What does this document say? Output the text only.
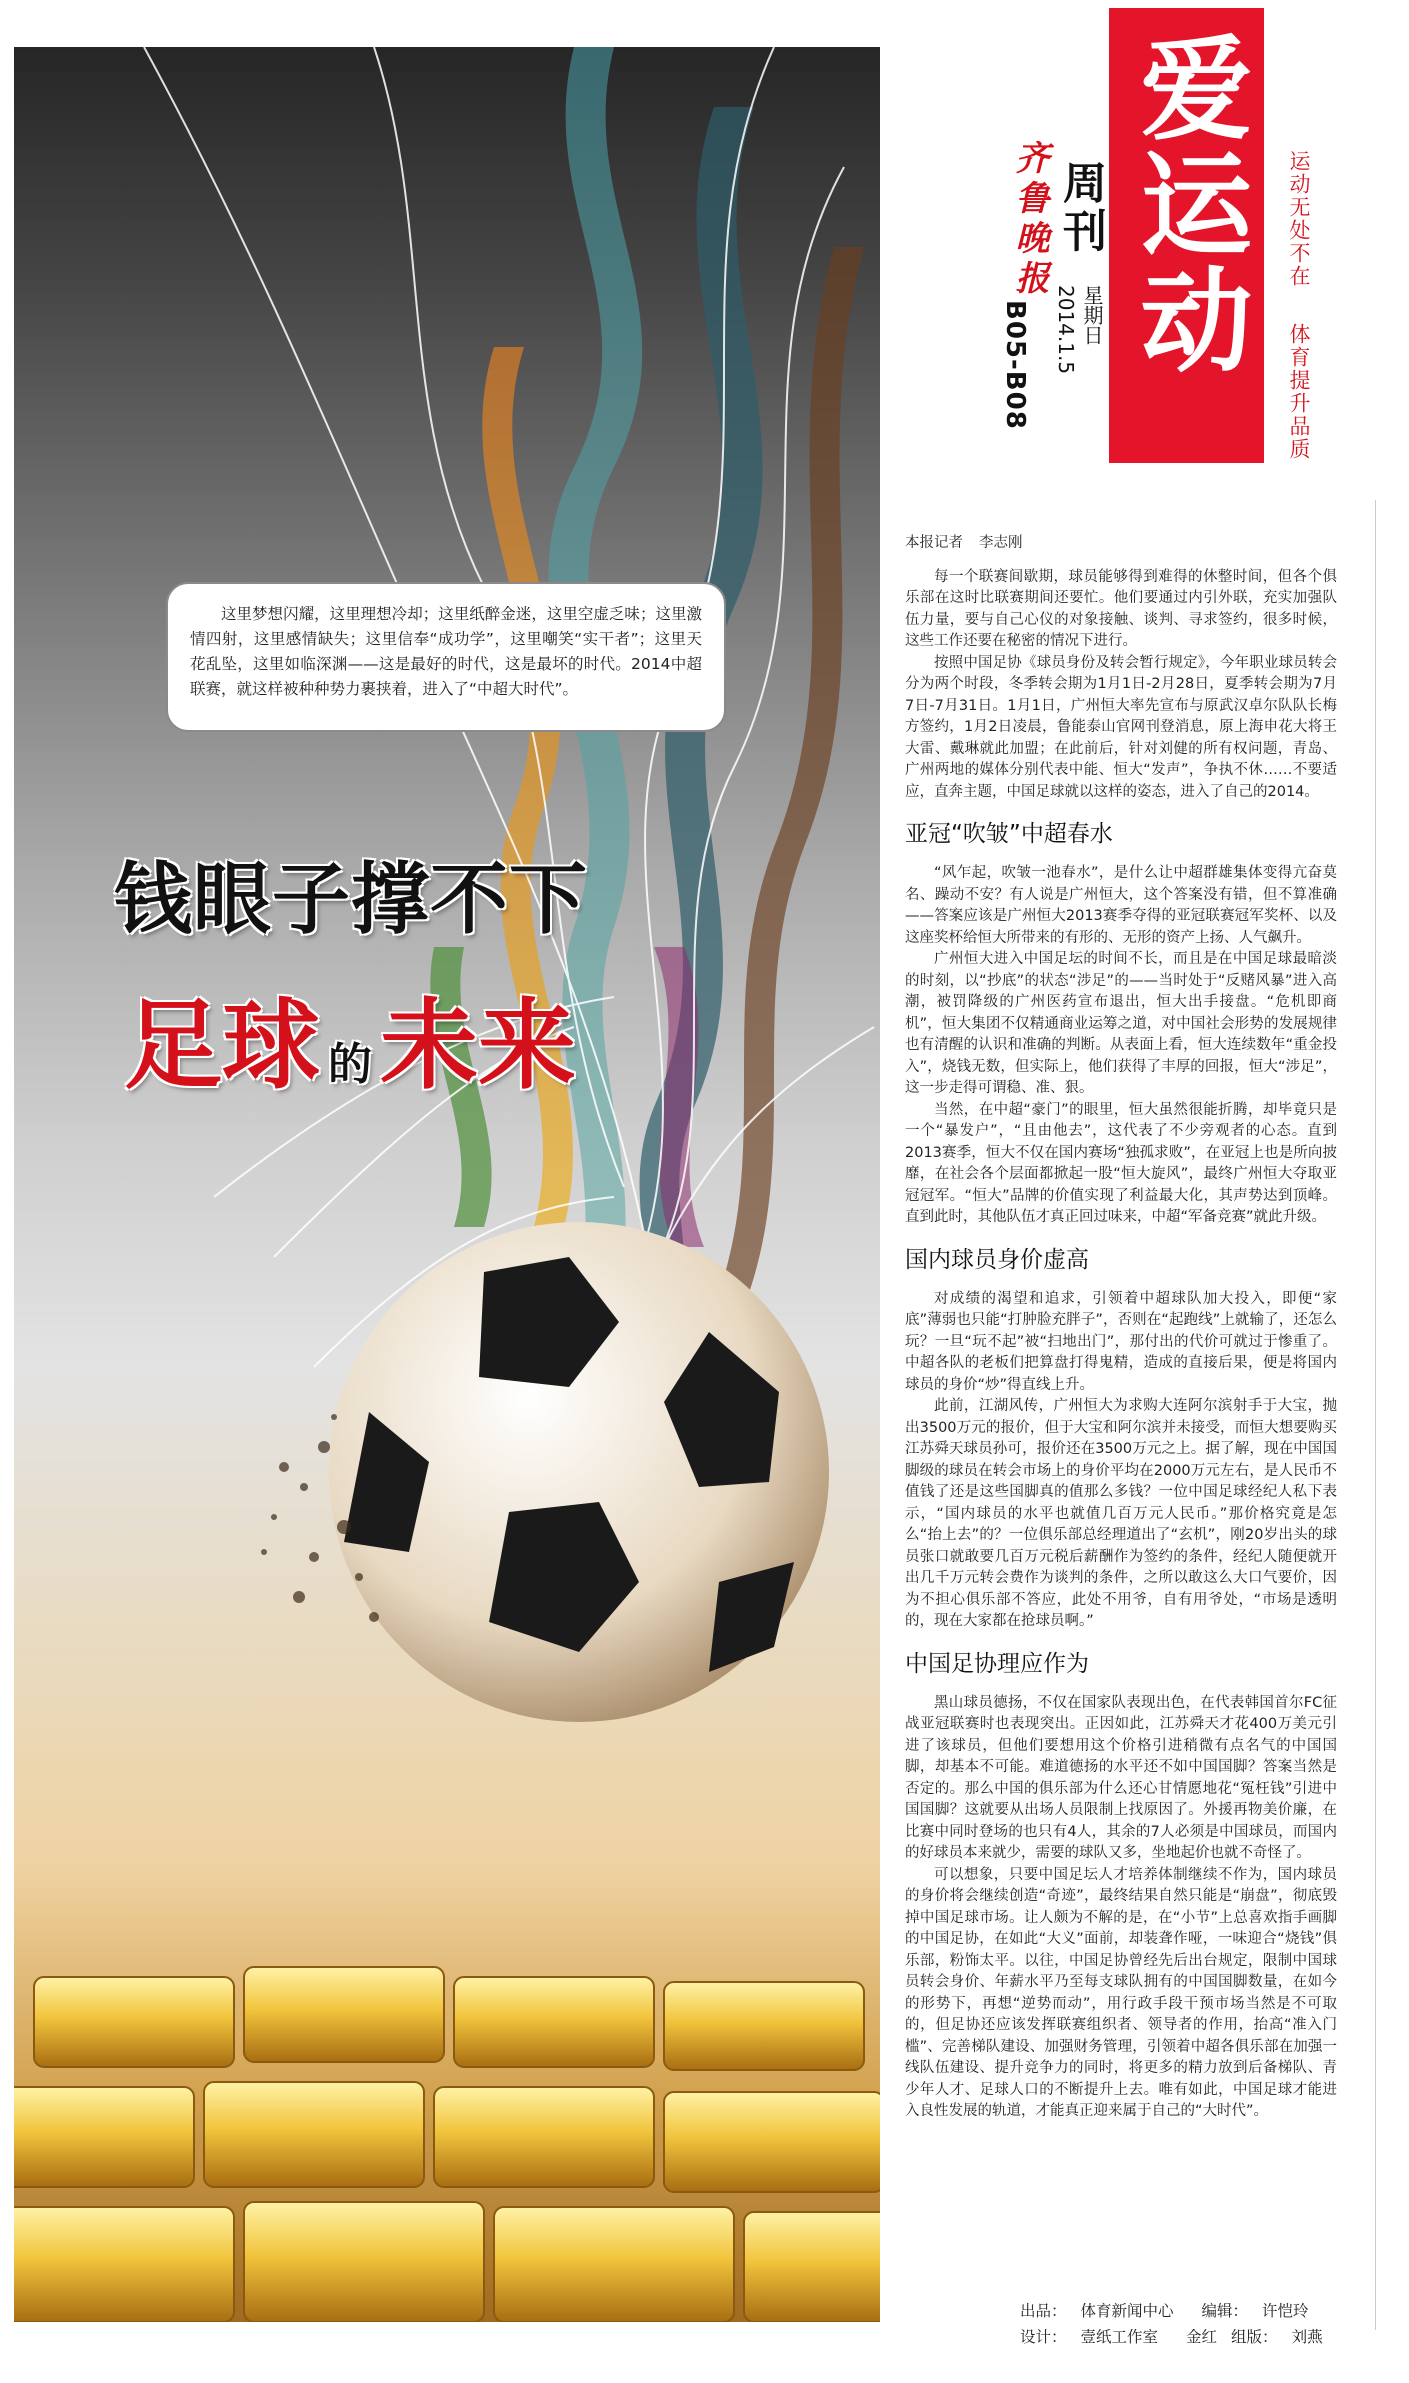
这里梦想闪耀，这里理想冷却；这里纸醉金迷，这里空虚乏味；这里激情四射，这里感情缺失；这里信奉“成功学”，这里嘲笑“实干者”；这里天花乱坠，这里如临深渊——这是最好的时代，这是最坏的时代。2014中超联赛，就这样被种种势力裹挟着，进入了“中超大时代”。
钱眼子撑不下
足球 的未来
齐鲁晚报 周刊
星期日
2014.1.5
B05-B08 爱运动 运动无处不在 体育提升品质
本报记者 李志刚

每一个联赛间歇期，球员能够得到难得的休整时间，但各个俱乐部在这时比联赛期间还要忙。他们要通过内引外联，充实加强队伍力量，要与自己心仪的对象接触、谈判、寻求签约，很多时候，这些工作还要在秘密的情况下进行。

按照中国足协《球员身份及转会暂行规定》，今年职业球员转会分为两个时段，冬季转会期为1月1日-2月28日，夏季转会期为7月7日-7月31日。1月1日，广州恒大率先宣布与原武汉卓尔队队长梅方签约，1月2日凌晨，鲁能泰山官网刊登消息，原上海申花大将王大雷、戴琳就此加盟；在此前后，针对刘健的所有权问题，青岛、广州两地的媒体分别代表中能、恒大“发声”，争执不休……不要适应，直奔主题，中国足球就以这样的姿态，进入了自己的2014。

亚冠“吹皱”中超春水

“风乍起，吹皱一池春水”，是什么让中超群雄集体变得亢奋莫名、躁动不安？有人说是广州恒大，这个答案没有错，但不算准确——答案应该是广州恒大2013赛季夺得的亚冠联赛冠军奖杯、以及这座奖杯给恒大所带来的有形的、无形的资产上扬、人气飙升。

广州恒大进入中国足坛的时间不长，而且是在中国足球最暗淡的时刻，以“抄底”的状态“涉足”的——当时处于“反赌风暴”进入高潮，被罚降级的广州医药宣布退出，恒大出手接盘。“危机即商机”，恒大集团不仅精通商业运筹之道，对中国社会形势的发展规律也有清醒的认识和准确的判断。从表面上看，恒大连续数年“重金投入”，烧钱无数，但实际上，他们获得了丰厚的回报，恒大“涉足”，这一步走得可谓稳、准、狠。

当然，在中超“豪门”的眼里，恒大虽然很能折腾，却毕竟只是一个“暴发户”，“且由他去”，这代表了不少旁观者的心态。直到2013赛季，恒大不仅在国内赛场“独孤求败”，在亚冠上也是所向披靡，在社会各个层面都掀起一股“恒大旋风”，最终广州恒大夺取亚冠冠军。“恒大”品牌的价值实现了利益最大化，其声势达到顶峰。直到此时，其他队伍才真正回过味来，中超“军备竞赛”就此升级。

国内球员身价虚高

对成绩的渴望和追求，引领着中超球队加大投入，即便“家底”薄弱也只能“打肿脸充胖子”，否则在“起跑线”上就输了，还怎么玩？一旦“玩不起”被“扫地出门”，那付出的代价可就过于惨重了。中超各队的老板们把算盘打得鬼精，造成的直接后果，便是将国内球员的身价“炒”得直线上升。

此前，江湖风传，广州恒大为求购大连阿尔滨射手于大宝，抛出3500万元的报价，但于大宝和阿尔滨并未接受，而恒大想要购买江苏舜天球员孙可，报价还在3500万元之上。据了解，现在中国国脚级的球员在转会市场上的身价平均在2000万元左右，是人民币不值钱了还是这些国脚真的值那么多钱？一位中国足球经纪人私下表示，“国内球员的水平也就值几百万元人民币。”那价格究竟是怎么“抬上去”的？一位俱乐部总经理道出了“玄机”，刚20岁出头的球员张口就敢要几百万元税后薪酬作为签约的条件，经纪人随便就开出几千万元转会费作为谈判的条件，之所以敢这么大口气要价，因为不担心俱乐部不答应，此处不用爷，自有用爷处，“市场是透明的，现在大家都在抢球员啊。”

中国足协理应作为

黑山球员德扬，不仅在国家队表现出色，在代表韩国首尔FC征战亚冠联赛时也表现突出。正因如此，江苏舜天才花400万美元引进了该球员，但他们要想用这个价格引进稍微有点名气的中国国脚，却基本不可能。难道德扬的水平还不如中国国脚？答案当然是否定的。那么中国的俱乐部为什么还心甘情愿地花“冤枉钱”引进中国国脚？这就要从出场人员限制上找原因了。外援再物美价廉，在比赛中同时登场的也只有4人，其余的7人必须是中国球员，而国内的好球员本来就少，需要的球队又多，坐地起价也就不奇怪了。

可以想象，只要中国足坛人才培养体制继续不作为，国内球员的身价将会继续创造“奇迹”，最终结果自然只能是“崩盘”，彻底毁掉中国足球市场。让人颇为不解的是，在“小节”上总喜欢指手画脚的中国足协，在如此“大义”面前，却装聋作哑，一味迎合“烧钱”俱乐部，粉饰太平。以往，中国足协曾经先后出台规定，限制中国球员转会身价、年薪水平乃至每支球队拥有的中国国脚数量，在如今的形势下，再想“逆势而动”，用行政手段干预市场当然是不可取的，但足协还应该发挥联赛组织者、领导者的作用，抬高“准入门槛”、完善梯队建设、加强财务管理，引领着中超各俱乐部在加强一线队伍建设、提升竞争力的同时，将更多的精力放到后备梯队、青少年人才、足球人口的不断提升上去。唯有如此，中国足球才能进入良性发展的轨道，才能真正迎来属于自己的“大时代”。

出品： 体育新闻中心 编辑： 许恺玲
设计： 壹纸工作室 金红 组版： 刘燕
